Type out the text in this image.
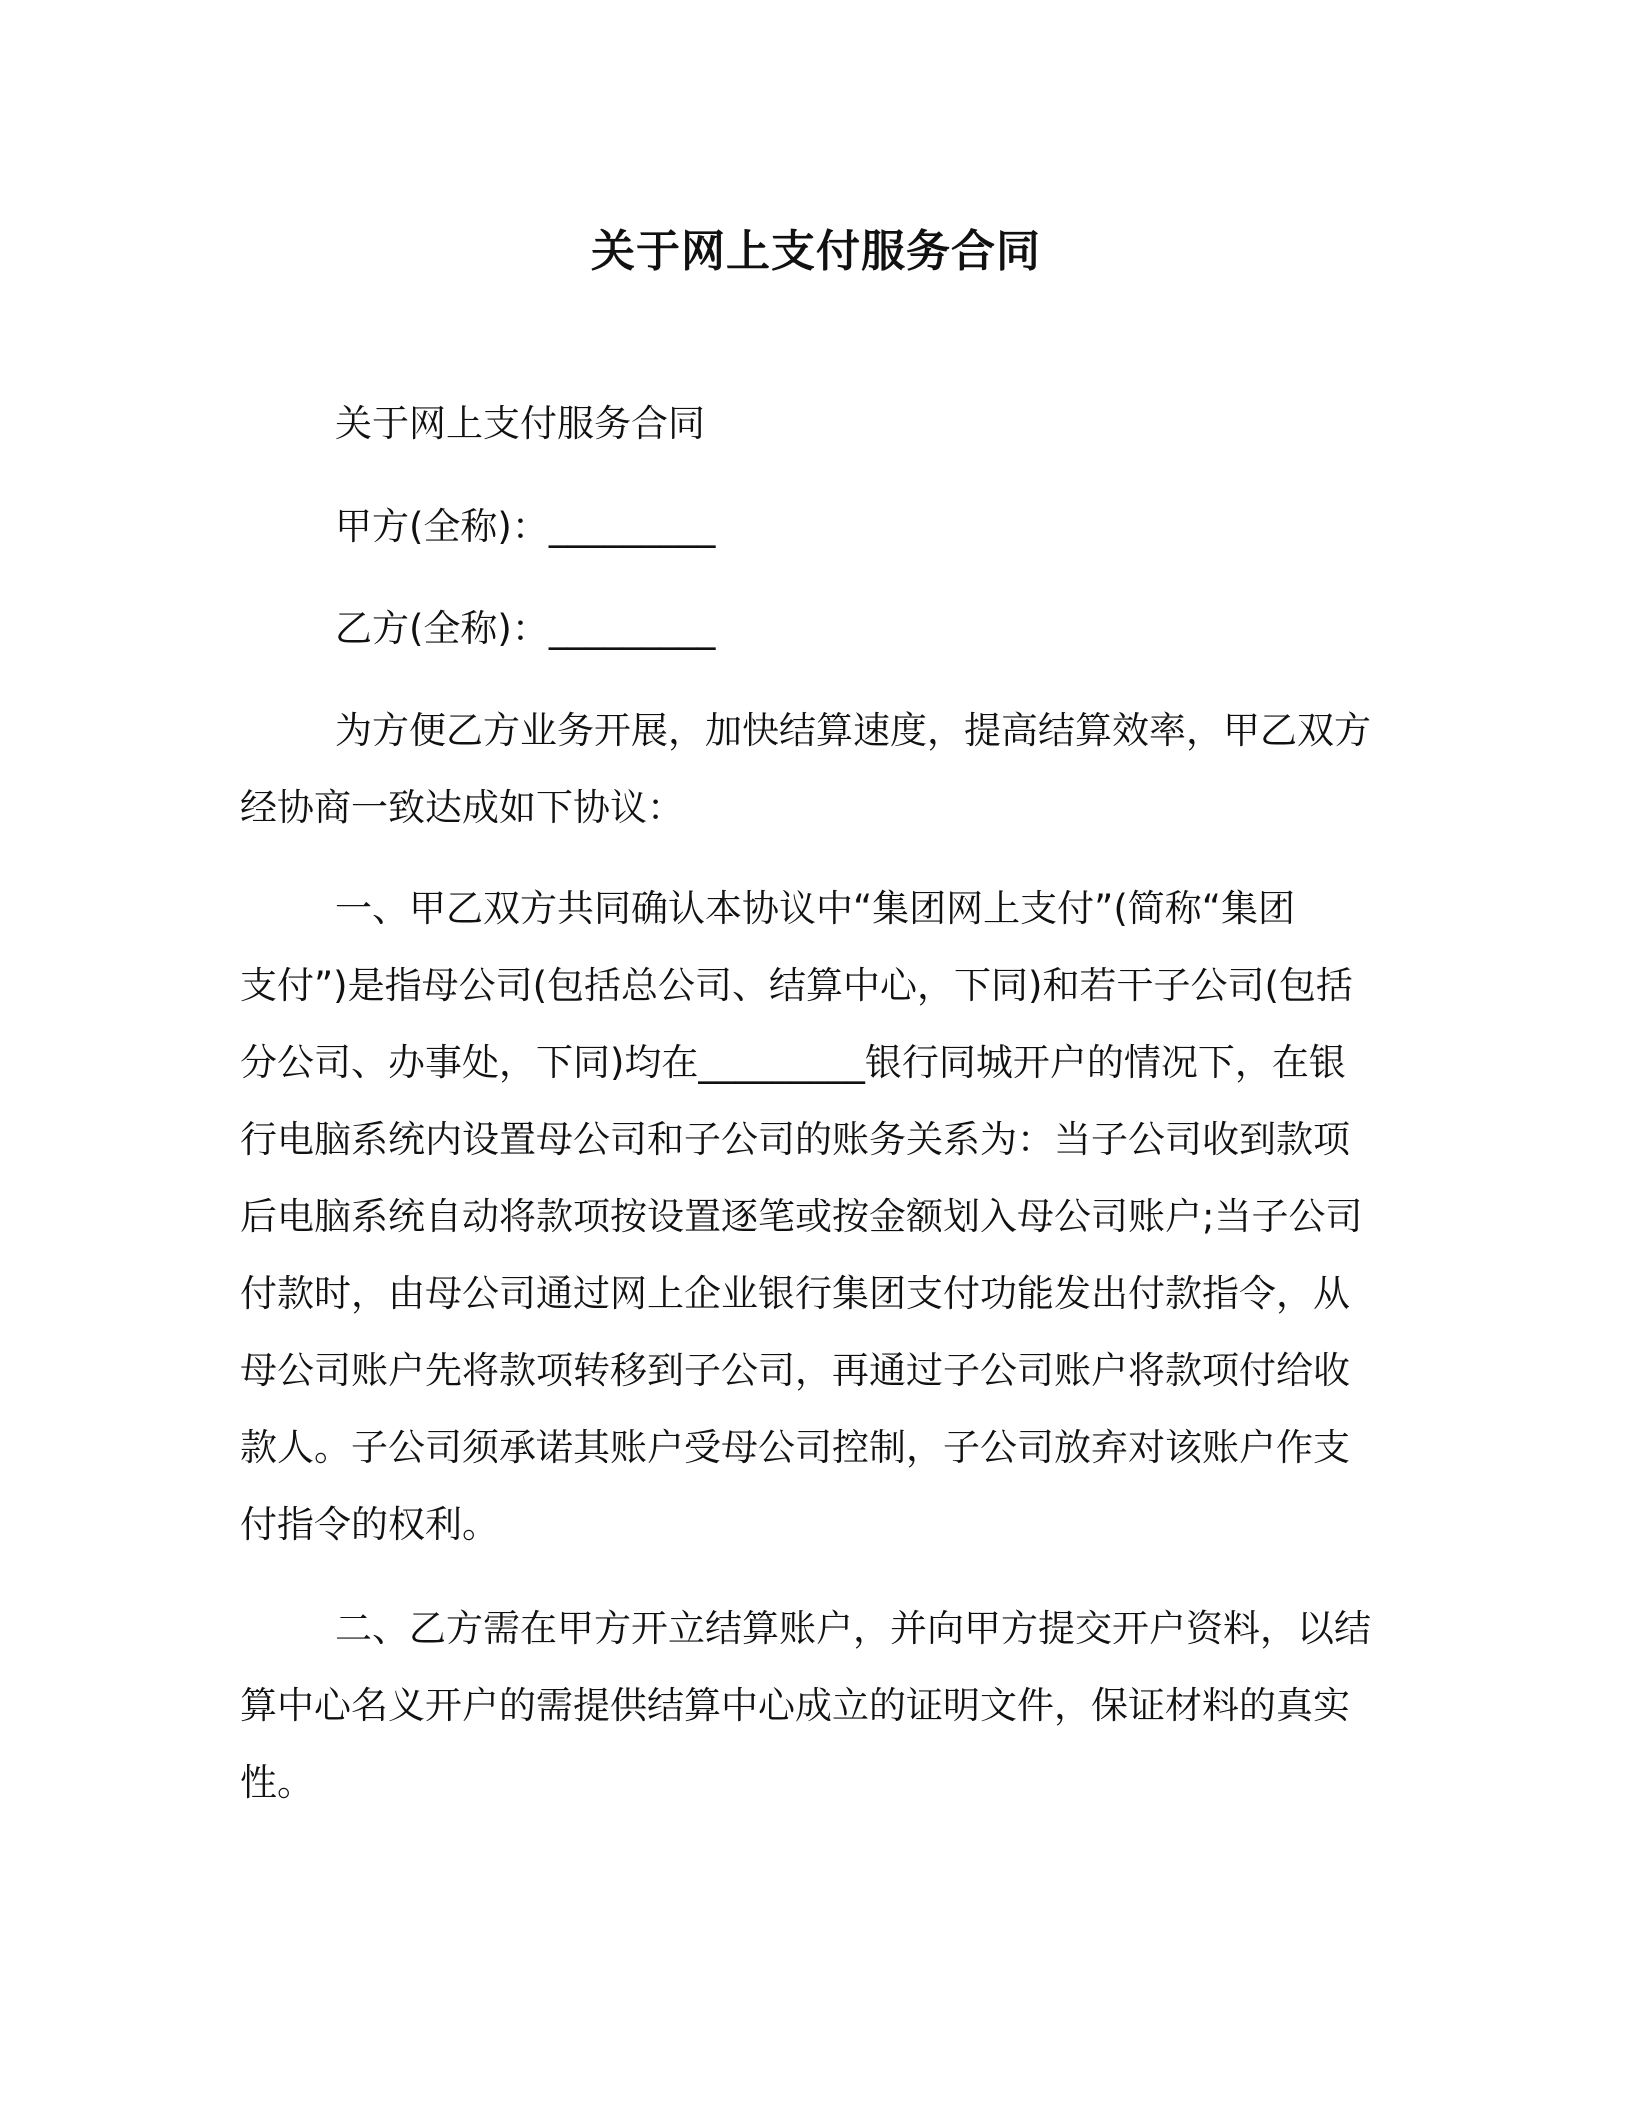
关于网上支付服务合同
关于网上支付服务合同
甲方(全称)：_________
乙方(全称)：_________
为方便乙方业务开展，加快结算速度，提高结算效率，甲乙双方
经协商一致达成如下协议：
一、甲乙双方共同确认本协议中“集团网上支付”(简称“集团
支付”)是指母公司(包括总公司、结算中心，下同)和若干子公司(包括
分公司、办事处，下同)均在_________银行同城开户的情况下，在银
行电脑系统内设置母公司和子公司的账务关系为：当子公司收到款项
后电脑系统自动将款项按设置逐笔或按金额划入母公司账户;当子公司
付款时，由母公司通过网上企业银行集团支付功能发出付款指令，从
母公司账户先将款项转移到子公司，再通过子公司账户将款项付给收
款人。子公司须承诺其账户受母公司控制，子公司放弃对该账户作支
付指令的权利。
二、乙方需在甲方开立结算账户，并向甲方提交开户资料，以结
算中心名义开户的需提供结算中心成立的证明文件，保证材料的真实
性。
